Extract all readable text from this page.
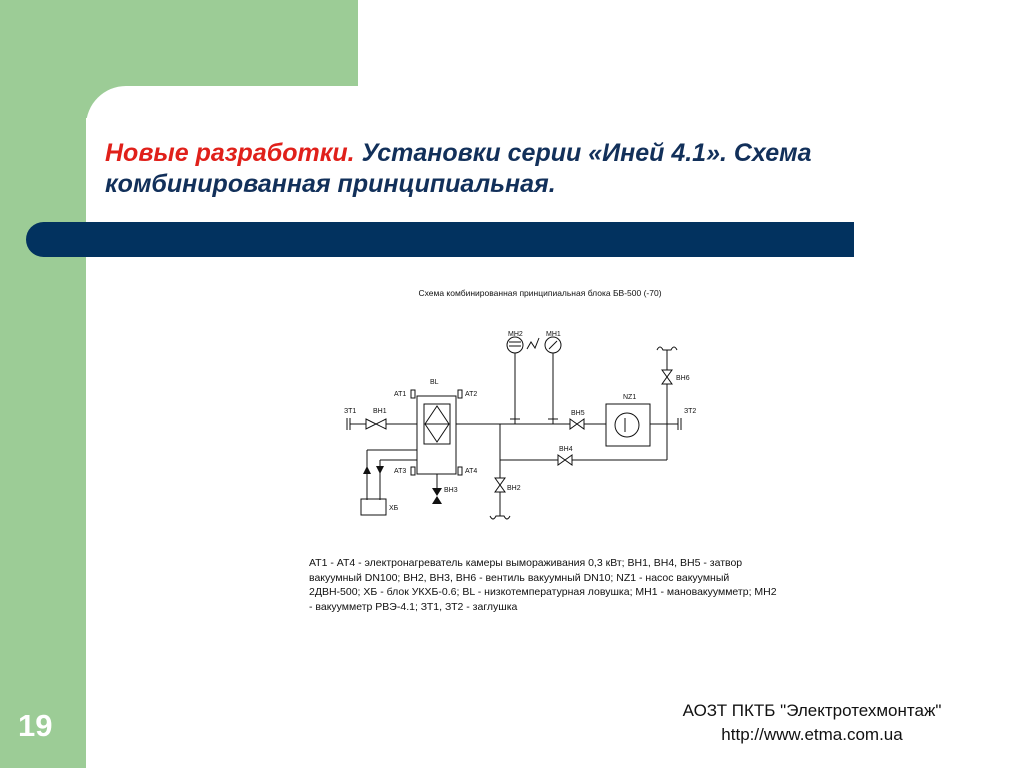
Новые разработки. Установки серии «Иней 4.1». Схема комбинированная принципиальная.
Схема комбинированная принципиальная блока БВ-500 (-70)
МН2	МН1
BL
AT1	AT2
AT3	AT4
ЗТ1	ЗТ2
ВН1
ВН2
ВН3
ВН4
ВН5
ВН6
NZ1
ХБ

АТ1 - АТ4 - электронагреватель камеры вымораживания 0,3 кВт; ВН1, ВН4, ВН5 - затвор вакуумный DN100; ВН2, ВН3, ВН6 - вентиль вакуумный DN10; NZ1 - насос вакуумный 2ДВН-500; ХБ - блок УКХБ-0.6; BL - низкотемпературная ловушка; МН1 - мановакуумметр; МН2 - вакуумметр РВЭ-4.1; ЗТ1, ЗТ2 - заглушка

19	АОЗТ ПКТБ "Электротехмонтаж"
http://www.etma.com.ua
